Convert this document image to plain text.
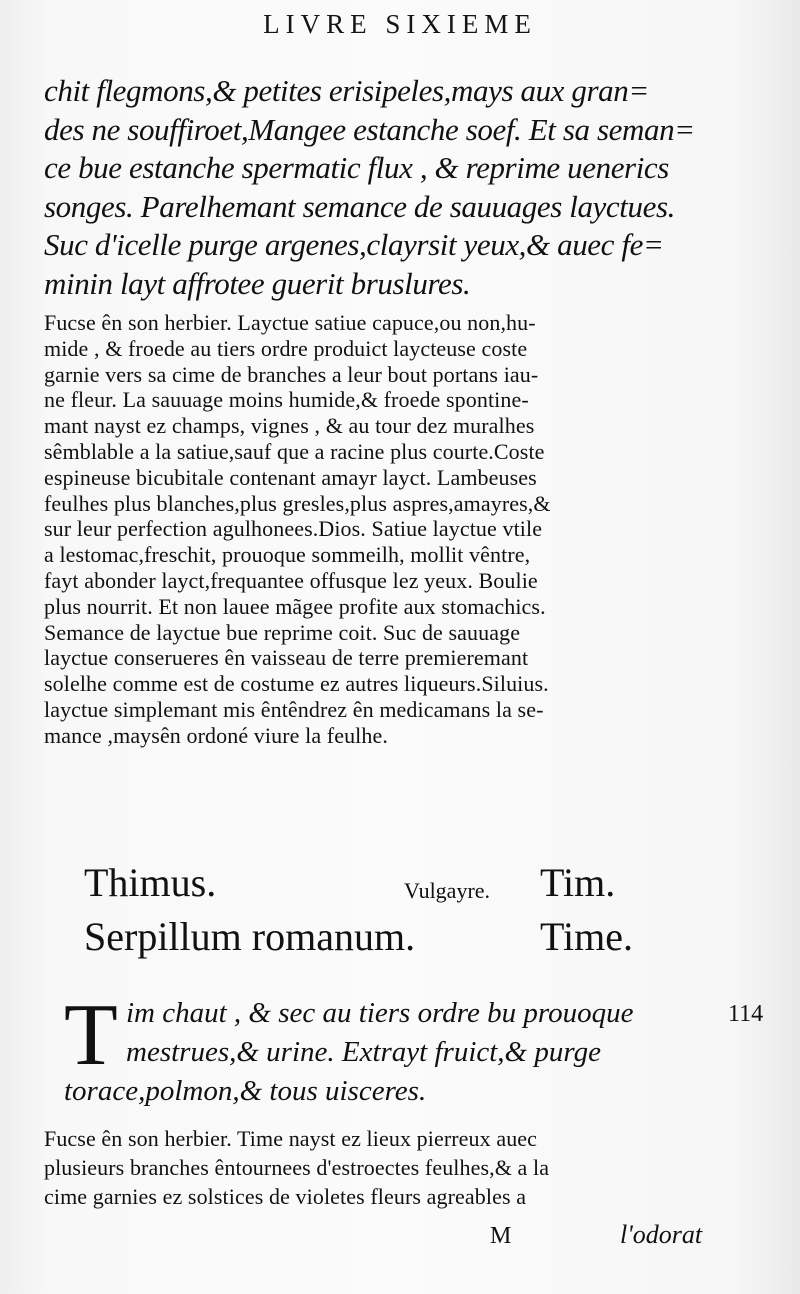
LIVRE SIXIEME
chit flegmons,& petites erisipeles,mays aux gran=
des ne souffiroet,Mangee estanche soef. Et sa seman=
ce bue estanche spermatic flux , & reprime uenerics
songes. Parelhemant semance de sauuages layctues.
Suc d'icelle purge argenes,clayrsit yeux,& auec fe=
minin layt affrotee guerit bruslures.
Fucse ên son herbier. Layctue satiue capuce,ou non,hu-
mide , & froede au tiers ordre produict laycteuse coste
garnie vers sa cime de branches a leur bout portans iau-
ne fleur. La sauuage moins humide,& froede spontine-
mant nayst ez champs, vignes , & au tour dez muralhes
sêmblable a la satiue,sauf que a racine plus courte.Coste
espineuse bicubitale contenant amayr layct. Lambeuses
feulhes plus blanches,plus gresles,plus aspres,amayres,&
sur leur perfection agulhonees.Dios. Satiue layctue vtile
a lestomac,freschit, prouoque sommeilh, mollit vêntre,
fayt abonder layct,frequantee offusque lez yeux. Boulie
plus nourrit. Et non lauee mãgee profite aux stomachics.
Semance de layctue bue reprime coit. Suc de sauuage
layctue conserueres ên vaisseau de terre premieremant
solelhe comme est de costume ez autres liqueurs.Siluius.
layctue simplemant mis êntêndrez ên medicamans la se-
mance ,maysên ordoné viure la feulhe.
Thimus.
Serpillum romanum.
Vulgayre. Tim.
Time.
T im chaut , & sec au tiers ordre bu prouoque
mestrues,& urine. Extrayt fruict,& purge
torace,polmon,& tous uisceres.
114
Fucse ên son herbier. Time nayst ez lieux pierreux auec
plusieurs branches êntournees d'estroectes feulhes,& a la
cime garnies ez solstices de violetes fleurs agreables a
M	l'odorat
